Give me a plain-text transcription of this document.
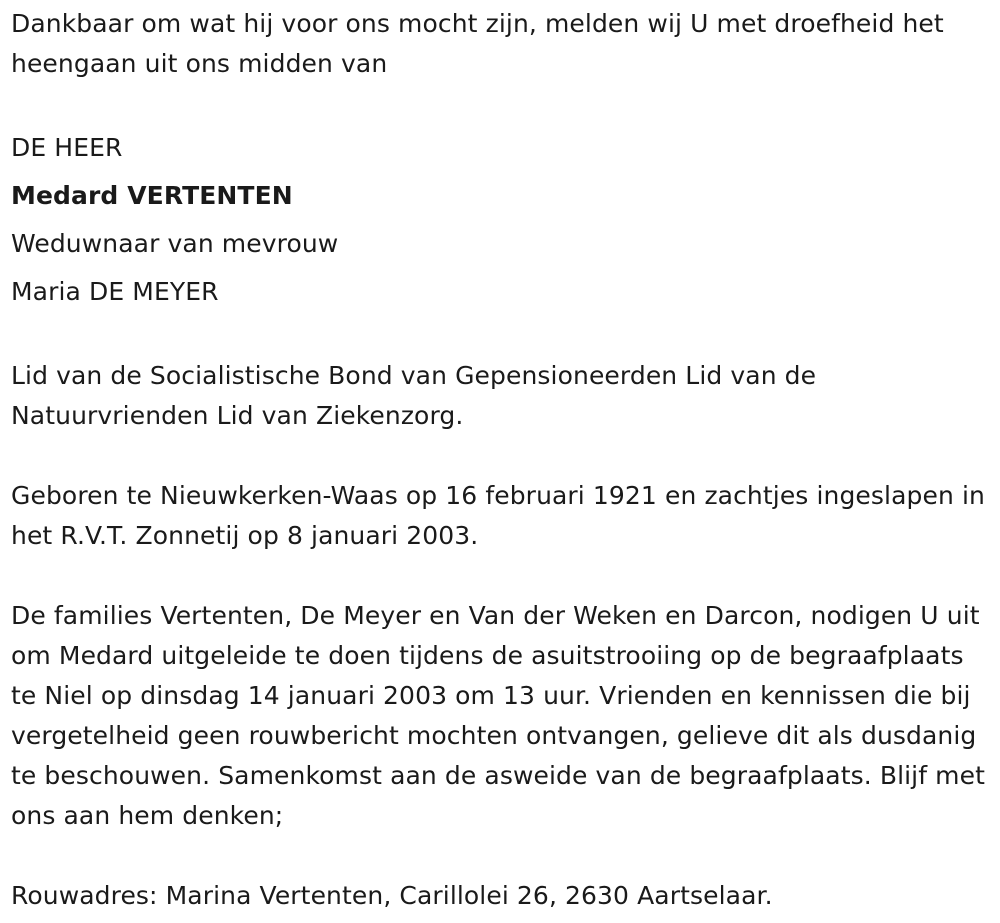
Dankbaar om wat hij voor ons mocht zijn, melden wij U met droefheid het heengaan uit ons midden van

DE HEER
Medard VERTENTEN
Weduwnaar van mevrouw
Maria DE MEYER

Lid van de Socialistische Bond van Gepensioneerden Lid van de Natuurvrienden Lid van Ziekenzorg.

Geboren te Nieuwkerken-Waas op 16 februari 1921 en zachtjes ingeslapen in het R.V.T. Zonnetij op 8 januari 2003.

De families Vertenten, De Meyer en Van der Weken en Darcon, nodigen U uit om Medard uitgeleide te doen tijdens de asuitstrooiing op de begraafplaats te Niel op dinsdag 14 januari 2003 om 13 uur. Vrienden en kennissen die bij vergetelheid geen rouwbericht mochten ontvangen, gelieve dit als dusdanig te beschouwen. Samenkomst aan de asweide van de begraafplaats. Blijf met ons aan hem denken;

Rouwadres: Marina Vertenten, Carillolei 26, 2630 Aartselaar.
